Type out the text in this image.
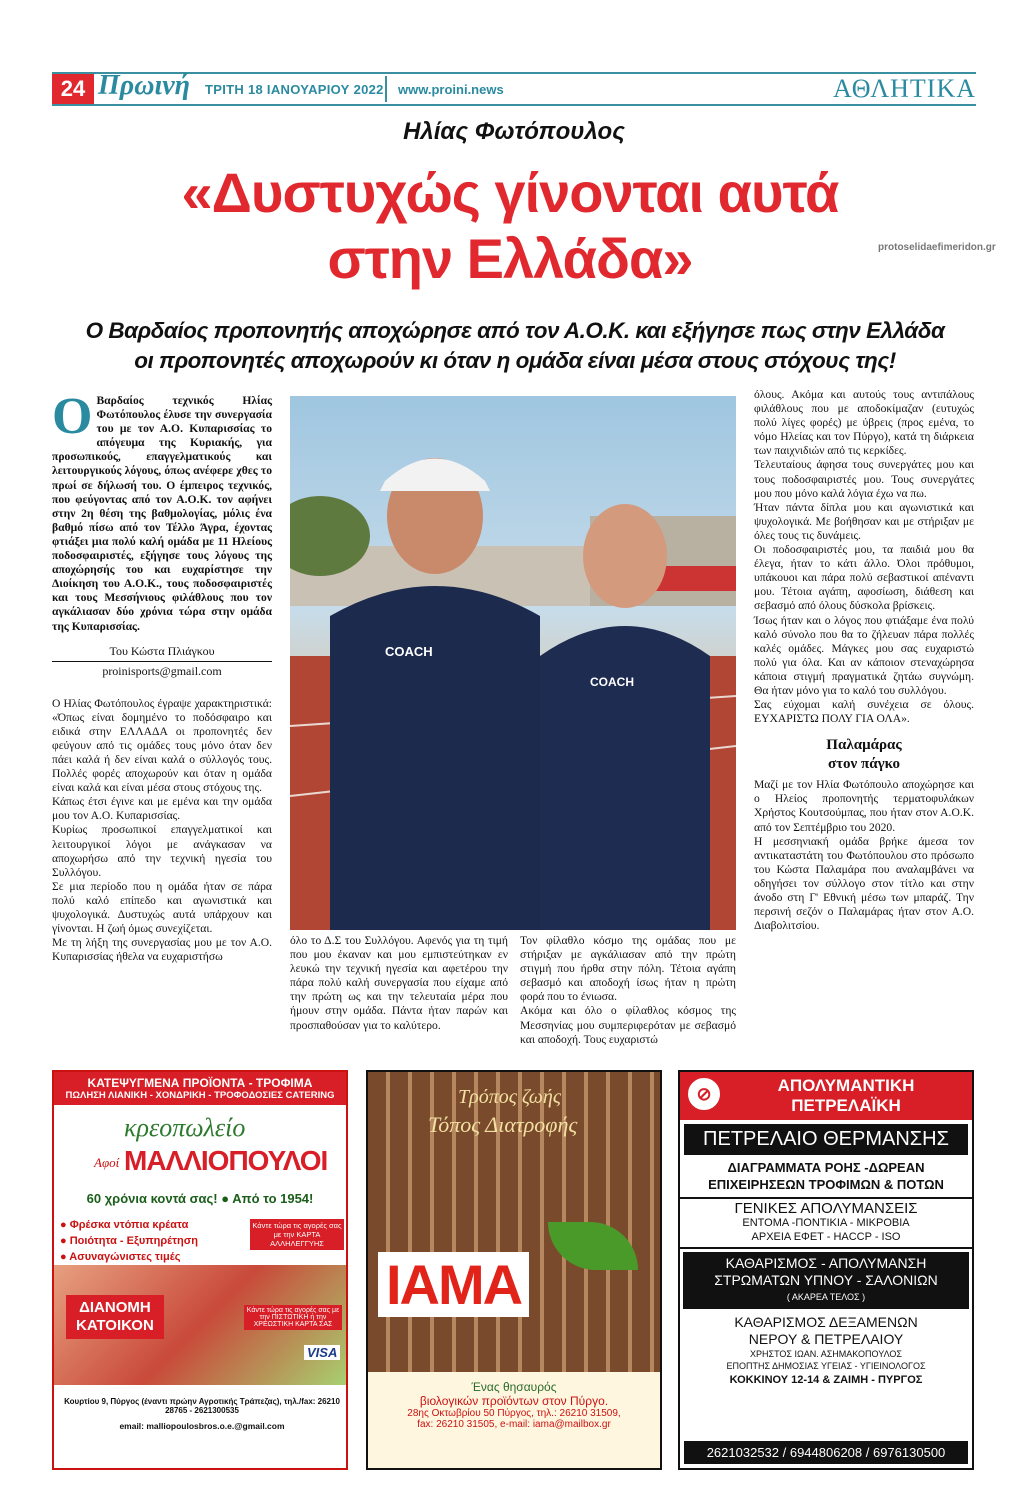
24 Πρωινή ΤΡΙΤΗ 18 ΙΑΝΟΥΑΡΙΟΥ 2022 www.proini.news	ΑΘΛΗΤΙΚΑ
Ηλίας Φωτόπουλος
«Δυστυχώς γίνονται αυτά
στην Ελλάδα»	protoselidaefimeridon.gr
Ο Βαρδαίος προπονητής αποχώρησε από τον Α.Ο.Κ. και εξήγησε πως στην Ελλάδα
οι προπονητές αποχωρούν κι όταν η ομάδα είναι μέσα στους στόχους της!

Ο Βαρδαίος τεχνικός Ηλίας Φωτόπουλος έλυσε την συνεργασία του με τον Α.Ο. Κυπαρισσίας το απόγευμα της Κυριακής, για προσωπικούς, επαγγελματικούς και λειτουργικούς λόγους, όπως ανέφερε χθες το πρωί σε δήλωσή του. Ο έμπειρος τεχνικός, που φεύγοντας από τον Α.Ο.Κ. τον αφήνει στην 2η θέση της βαθμολογίας, μόλις ένα βαθμό πίσω από τον Τέλλο Άγρα, έχοντας φτιάξει μια πολύ καλή ομάδα με 11 Ηλείους ποδοσφαιριστές, εξήγησε τους λόγους της αποχώρησής του και ευχαρίστησε την Διοίκηση του Α.Ο.Κ., τους ποδοσφαιριστές και τους Μεσσήνιους φιλάθλους που τον αγκάλιασαν δύο χρόνια τώρα στην ομάδα της Κυπαρισσίας.

Του Κώστα Πλιάγκου
proinisports@gmail.com

Ο Ηλίας Φωτόπουλος έγραψε χαρακτηριστικά: «Όπως είναι δομημένο το ποδόσφαιρο και ειδικά στην ΕΛΛΑΔΑ οι προπονητές δεν φεύγουν από τις ομάδες τους μόνο όταν δεν πάει καλά ή δεν είναι καλά ο σύλλογός τους. Πολλές φορές αποχωρούν και όταν η ομάδα είναι καλά και είναι μέσα στους στόχους της.

Κάπως έτσι έγινε και με εμένα και την ομάδα μου τον Α.Ο. Κυπαρισσίας.

Κυρίως προσωπικοί επαγγελματικοί και λειτουργικοί λόγοι με ανάγκασαν να αποχωρήσω από την τεχνική ηγεσία του Συλλόγου.

Σε μια περίοδο που η ομάδα ήταν σε πάρα πολύ καλό επίπεδο και αγωνιστικά και ψυχολογικά. Δυστυχώς αυτά υπάρχουν και γίνονται. Η ζωή όμως συνεχίζεται.

Με τη λήξη της συνεργασίας μου με τον Α.Ο. Κυπαρισσίας ήθελα να ευχαριστήσω

COACH
COACH

όλο το Δ.Σ του Συλλόγου. Αφενός για τη τιμή που μου έκαναν και μου εμπιστεύτηκαν εν λευκώ την τεχνική ηγεσία και αφετέρου την πάρα πολύ καλή συνεργασία που είχαμε από την πρώτη ως και την τελευταία μέρα που ήμουν στην ομάδα. Πάντα ήταν παρών και προσπαθούσαν για το καλύτερο.

Τον φίλαθλο κόσμο της ομάδας που με στήριξαν με αγκάλιασαν από την πρώτη στιγμή που ήρθα στην πόλη. Τέτοια αγάπη σεβασμό και αποδοχή ίσως ήταν η πρώτη φορά που το ένιωσα.

Ακόμα και όλο ο φίλαθλος κόσμος της Μεσσηνίας μου συμπεριφερόταν με σεβασμό και αποδοχή. Τους ευχαριστώ

όλους. Ακόμα και αυτούς τους αντιπάλους φιλάθλους που με αποδοκίμαζαν (ευτυχώς πολύ λίγες φορές) με ύβρεις (προς εμένα, το νόμο Ηλείας και τον Πύργο), κατά τη διάρκεια των παιχνιδιών από τις κερκίδες.

Τελευταίους άφησα τους συνεργάτες μου και τους ποδοσφαιριστές μου. Τους συνεργάτες μου που μόνο καλά λόγια έχω να πω.

Ήταν πάντα δίπλα μου και αγωνιστικά και ψυχολογικά. Με βοήθησαν και με στήριξαν με όλες τους τις δυνάμεις.

Οι ποδοσφαιριστές μου, τα παιδιά μου θα έλεγα, ήταν το κάτι άλλο. Όλοι πρόθυμοι, υπάκουοι και πάρα πολύ σεβαστικοί απέναντι μου. Τέτοια αγάπη, αφοσίωση, διάθεση και σεβασμό από όλους δύσκολα βρίσκεις.

Ίσως ήταν και ο λόγος που φτιάξαμε ένα πολύ καλό σύνολο που θα το ζήλευαν πάρα πολλές καλές ομάδες. Μάγκες μου σας ευχαριστώ πολύ για όλα. Και αν κάποιον στεναχώρησα κάποια στιγμή πραγματικά ζητάω συγνώμη. Θα ήταν μόνο για το καλό του συλλόγου.

Σας εύχομαι καλή συνέχεια σε όλους. ΕΥΧΑΡΙΣΤΩ ΠΟΛΥ ΓΙΑ ΟΛΑ».

Παλαμάρας
στον πάγκο

Μαζί με τον Ηλία Φωτόπουλο αποχώρησε και ο Ηλείος προπονητής τερματοφυλάκων Χρήστος Κουτσούμπας, που ήταν στον Α.Ο.Κ. από τον Σεπτέμβριο του 2020.

Η μεσσηνιακή ομάδα βρήκε άμεσα τον αντικαταστάτη του Φωτόπουλου στο πρόσωπο του Κώστα Παλαμάρα που αναλαμβάνει να οδηγήσει τον σύλλογο στον τίτλο και στην άνοδο στη Γ' Εθνική μέσω των μπαράζ. Την περσινή σεζόν ο Παλαμάρας ήταν στον Α.Ο. Διαβολιτσίου.

ΚΑΤΕΨΥΓΜΕΝΑ ΠΡΟΪΟΝΤΑ - ΤΡΟΦΙΜΑ
ΠΩΛΗΣΗ ΛΙΑΝΙΚΗ - ΧΟΝΔΡΙΚΗ - ΤΡΟΦΟΔΟΣΙΕΣ CATERING
κρεοπωλείο
Αφοί ΜΑΛΛΙΟΠΟΥΛΟΙ
60 χρόνια κοντά σας! ● Από το 1954!
● Φρέσκα ντόπια κρέατα
● Ποιότητα - Εξυπηρέτηση
● Ασυναγώνιστες τιμές
Κάντε τώρα τις αγορές σας με την ΚΑΡΤΑ ΑΛΛΗΛΕΓΓΥΗΣ
ΔΙΑΝΟΜΗ
ΚΑΤΟΙΚΟΝ
Κάντε τώρα τις αγορές σας με την ΠΙΣΤΩΤΙΚΗ ή την ΧΡΕΩΣΤΙΚΗ ΚΑΡΤΑ ΣΑΣ
VISA
Κουρτίου 9, Πύργος (έναντι πρώην Αγροτικής Τράπεζας), τηλ./fax: 26210 28765 - 2621300535
email: malliopoulosbros.o.e.@gmail.com
Τρόπος ζωής
Τόπος Διατροφής
ΙΑΜΑ
Ένας θησαυρός
βιολογικών προϊόντων στον Πύργο.
28ης Οκτωβρίου 50 Πύργος, τηλ.: 26210 31509,
fax: 26210 31505, e-mail: iama@mailbox.gr
⊘	ΑΠΟΛΥΜΑΝΤΙΚΗ
ΠΕΤΡΕΛΑΪΚΗ
ΠΕΤΡΕΛΑΙΟ ΘΕΡΜΑΝΣΗΣ
ΔΙΑΓΡΑΜΜΑΤΑ ΡΟΗΣ -ΔΩΡΕΑΝ
ΕΠΙΧΕΙΡΗΣΕΩΝ ΤΡΟΦΙΜΩΝ & ΠΟΤΩΝ
ΓΕΝΙΚΕΣ ΑΠΟΛΥΜΑΝΣΕΙΣ
ΕΝΤΟΜΑ -ΠΟΝΤΙΚΙΑ - ΜΙΚΡΟΒΙΑ
ΑΡΧΕΙΑ ΕΦΕΤ - HACCP - ISO
ΚΑΘΑΡΙΣΜΟΣ - ΑΠΟΛΥΜΑΝΣΗ
ΣΤΡΩΜΑΤΩΝ ΥΠΝΟΥ - ΣΑΛΟΝΙΩΝ
( ΑΚΑΡΕΑ ΤΕΛΟΣ )
ΚΑΘΑΡΙΣΜΟΣ ΔΕΞΑΜΕΝΩΝ
ΝΕΡΟΥ & ΠΕΤΡΕΛΑΙΟΥ
ΧΡΗΣΤΟΣ ΙΩΑΝ. ΑΣΗΜΑΚΟΠΟΥΛΟΣ
ΕΠΟΠΤΗΣ ΔΗΜΟΣΙΑΣ ΥΓΕΙΑΣ - ΥΓΙΕΙΝΟΛΟΓΟΣ
ΚΟΚΚΙΝΟΥ 12-14 & ΖΑΙΜΗ - ΠΥΡΓΟΣ
2621032532 / 6944806208 / 6976130500
